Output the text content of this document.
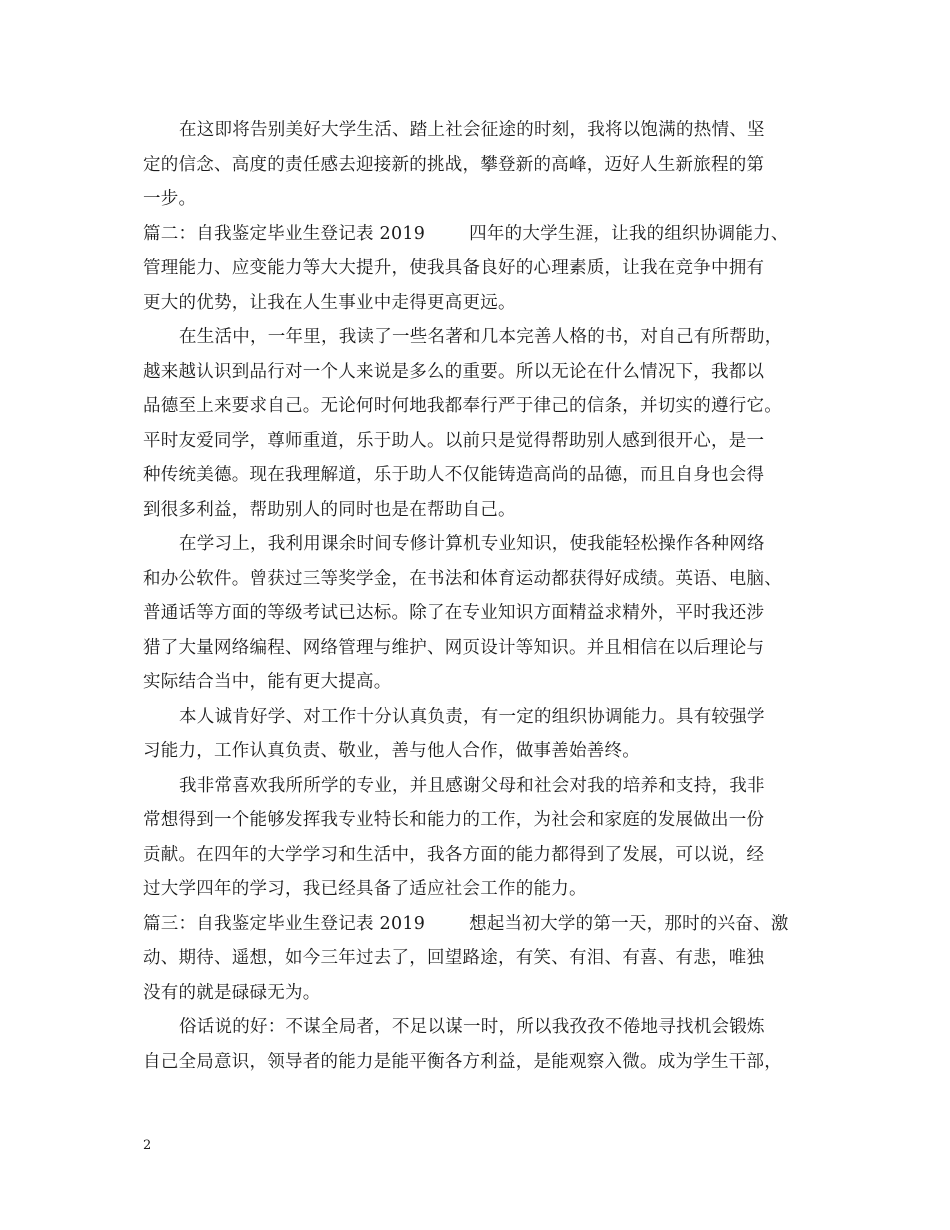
在这即将告别美好大学生活、踏上社会征途的时刻，我将以饱满的热情、坚
定的信念、高度的责任感去迎接新的挑战，攀登新的高峰，迈好人生新旅程的第
一步。
篇二：自我鉴定毕业生登记表 2019	四年的大学生涯，让我的组织协调能力、
管理能力、应变能力等大大提升，使我具备良好的心理素质，让我在竞争中拥有
更大的优势，让我在人生事业中走得更高更远。
在生活中，一年里，我读了一些名著和几本完善人格的书，对自己有所帮助，
越来越认识到品行对一个人来说是多么的重要。所以无论在什么情况下，我都以
品德至上来要求自己。无论何时何地我都奉行严于律己的信条，并切实的遵行它。
平时友爱同学，尊师重道，乐于助人。以前只是觉得帮助别人感到很开心，是一
种传统美德。现在我理解道，乐于助人不仅能铸造高尚的品德，而且自身也会得
到很多利益，帮助别人的同时也是在帮助自己。
在学习上，我利用课余时间专修计算机专业知识，使我能轻松操作各种网络
和办公软件。曾获过三等奖学金，在书法和体育运动都获得好成绩。英语、电脑、
普通话等方面的等级考试已达标。除了在专业知识方面精益求精外，平时我还涉
猎了大量网络编程、网络管理与维护、网页设计等知识。并且相信在以后理论与
实际结合当中，能有更大提高。
本人诚肯好学、对工作十分认真负责，有一定的组织协调能力。具有较强学
习能力，工作认真负责、敬业，善与他人合作，做事善始善终。
我非常喜欢我所所学的专业，并且感谢父母和社会对我的培养和支持，我非
常想得到一个能够发挥我专业特长和能力的工作，为社会和家庭的发展做出一份
贡献。在四年的大学学习和生活中，我各方面的能力都得到了发展，可以说，经
过大学四年的学习，我已经具备了适应社会工作的能力。
篇三：自我鉴定毕业生登记表 2019	想起当初大学的第一天，那时的兴奋、激
动、期待、遥想，如今三年过去了，回望路途，有笑、有泪、有喜、有悲，唯独
没有的就是碌碌无为。
俗话说的好：不谋全局者，不足以谋一时，所以我孜孜不倦地寻找机会锻炼
自己全局意识，领导者的能力是能平衡各方利益，是能观察入微。成为学生干部，
2
